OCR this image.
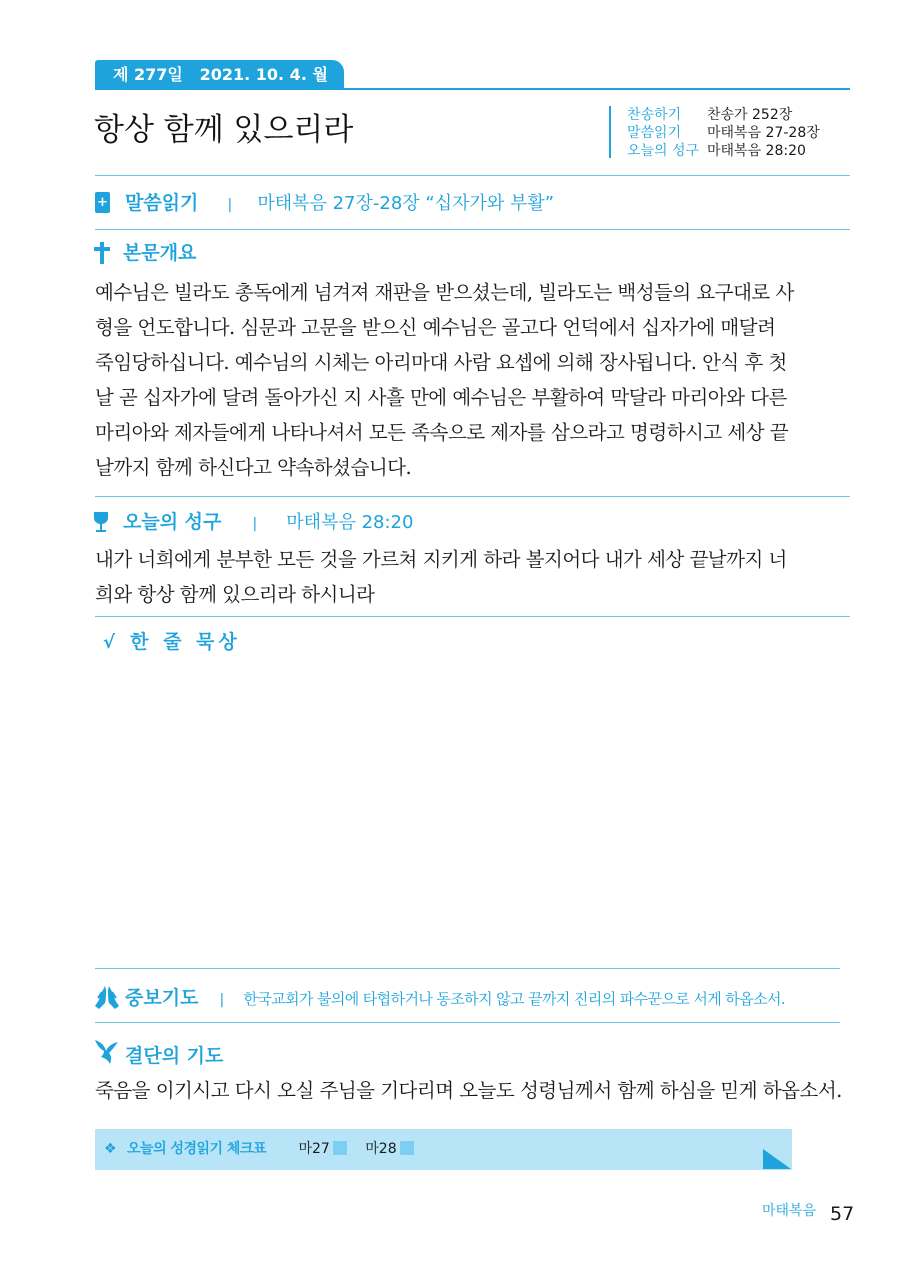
제 277일   2021. 10. 4. 월
항상 함께 있으리라	찬송하기
말씀읽기
오늘의 성구
찬송가 252장
마태복음 27-28장
마태복음 28:20
+ 말씀읽기 | 마태복음 27장-28장 “십자가와 부활”
본문개요

예수님은 빌라도 총독에게 넘겨져 재판을 받으셨는데, 빌라도는 백성들의 요구대로 사

형을 언도합니다. 심문과 고문을 받으신 예수님은 골고다 언덕에서 십자가에 매달려

죽임당하십니다. 예수님의 시체는 아리마대 사람 요셉에 의해 장사됩니다. 안식 후 첫

날 곧 십자가에 달려 돌아가신 지 사흘 만에 예수님은 부활하여 막달라 마리아와 다른

마리아와 제자들에게 나타나셔서 모든 족속으로 제자를 삼으라고 명령하시고 세상 끝

날까지 함께 하신다고 약속하셨습니다.

오늘의 성구 | 마태복음 28:20

내가 너희에게 분부한 모든 것을 가르쳐 지키게 하라 볼지어다 내가 세상 끝날까지 너

희와 항상 함께 있으리라 하시니라

√ 한 줄 묵상
중보기도 | 한국교회가 불의에 타협하거나 동조하지 않고 끝까지 진리의 파수꾼으로 서게 하옵소서.
결단의 기도
죽음을 이기시고 다시 오실 주님을 기다리며 오늘도 성령님께서 함께 하심을 믿게 하옵소서.
❖ 오늘의 성경읽기 체크표 마27	마28
마태복음 57
